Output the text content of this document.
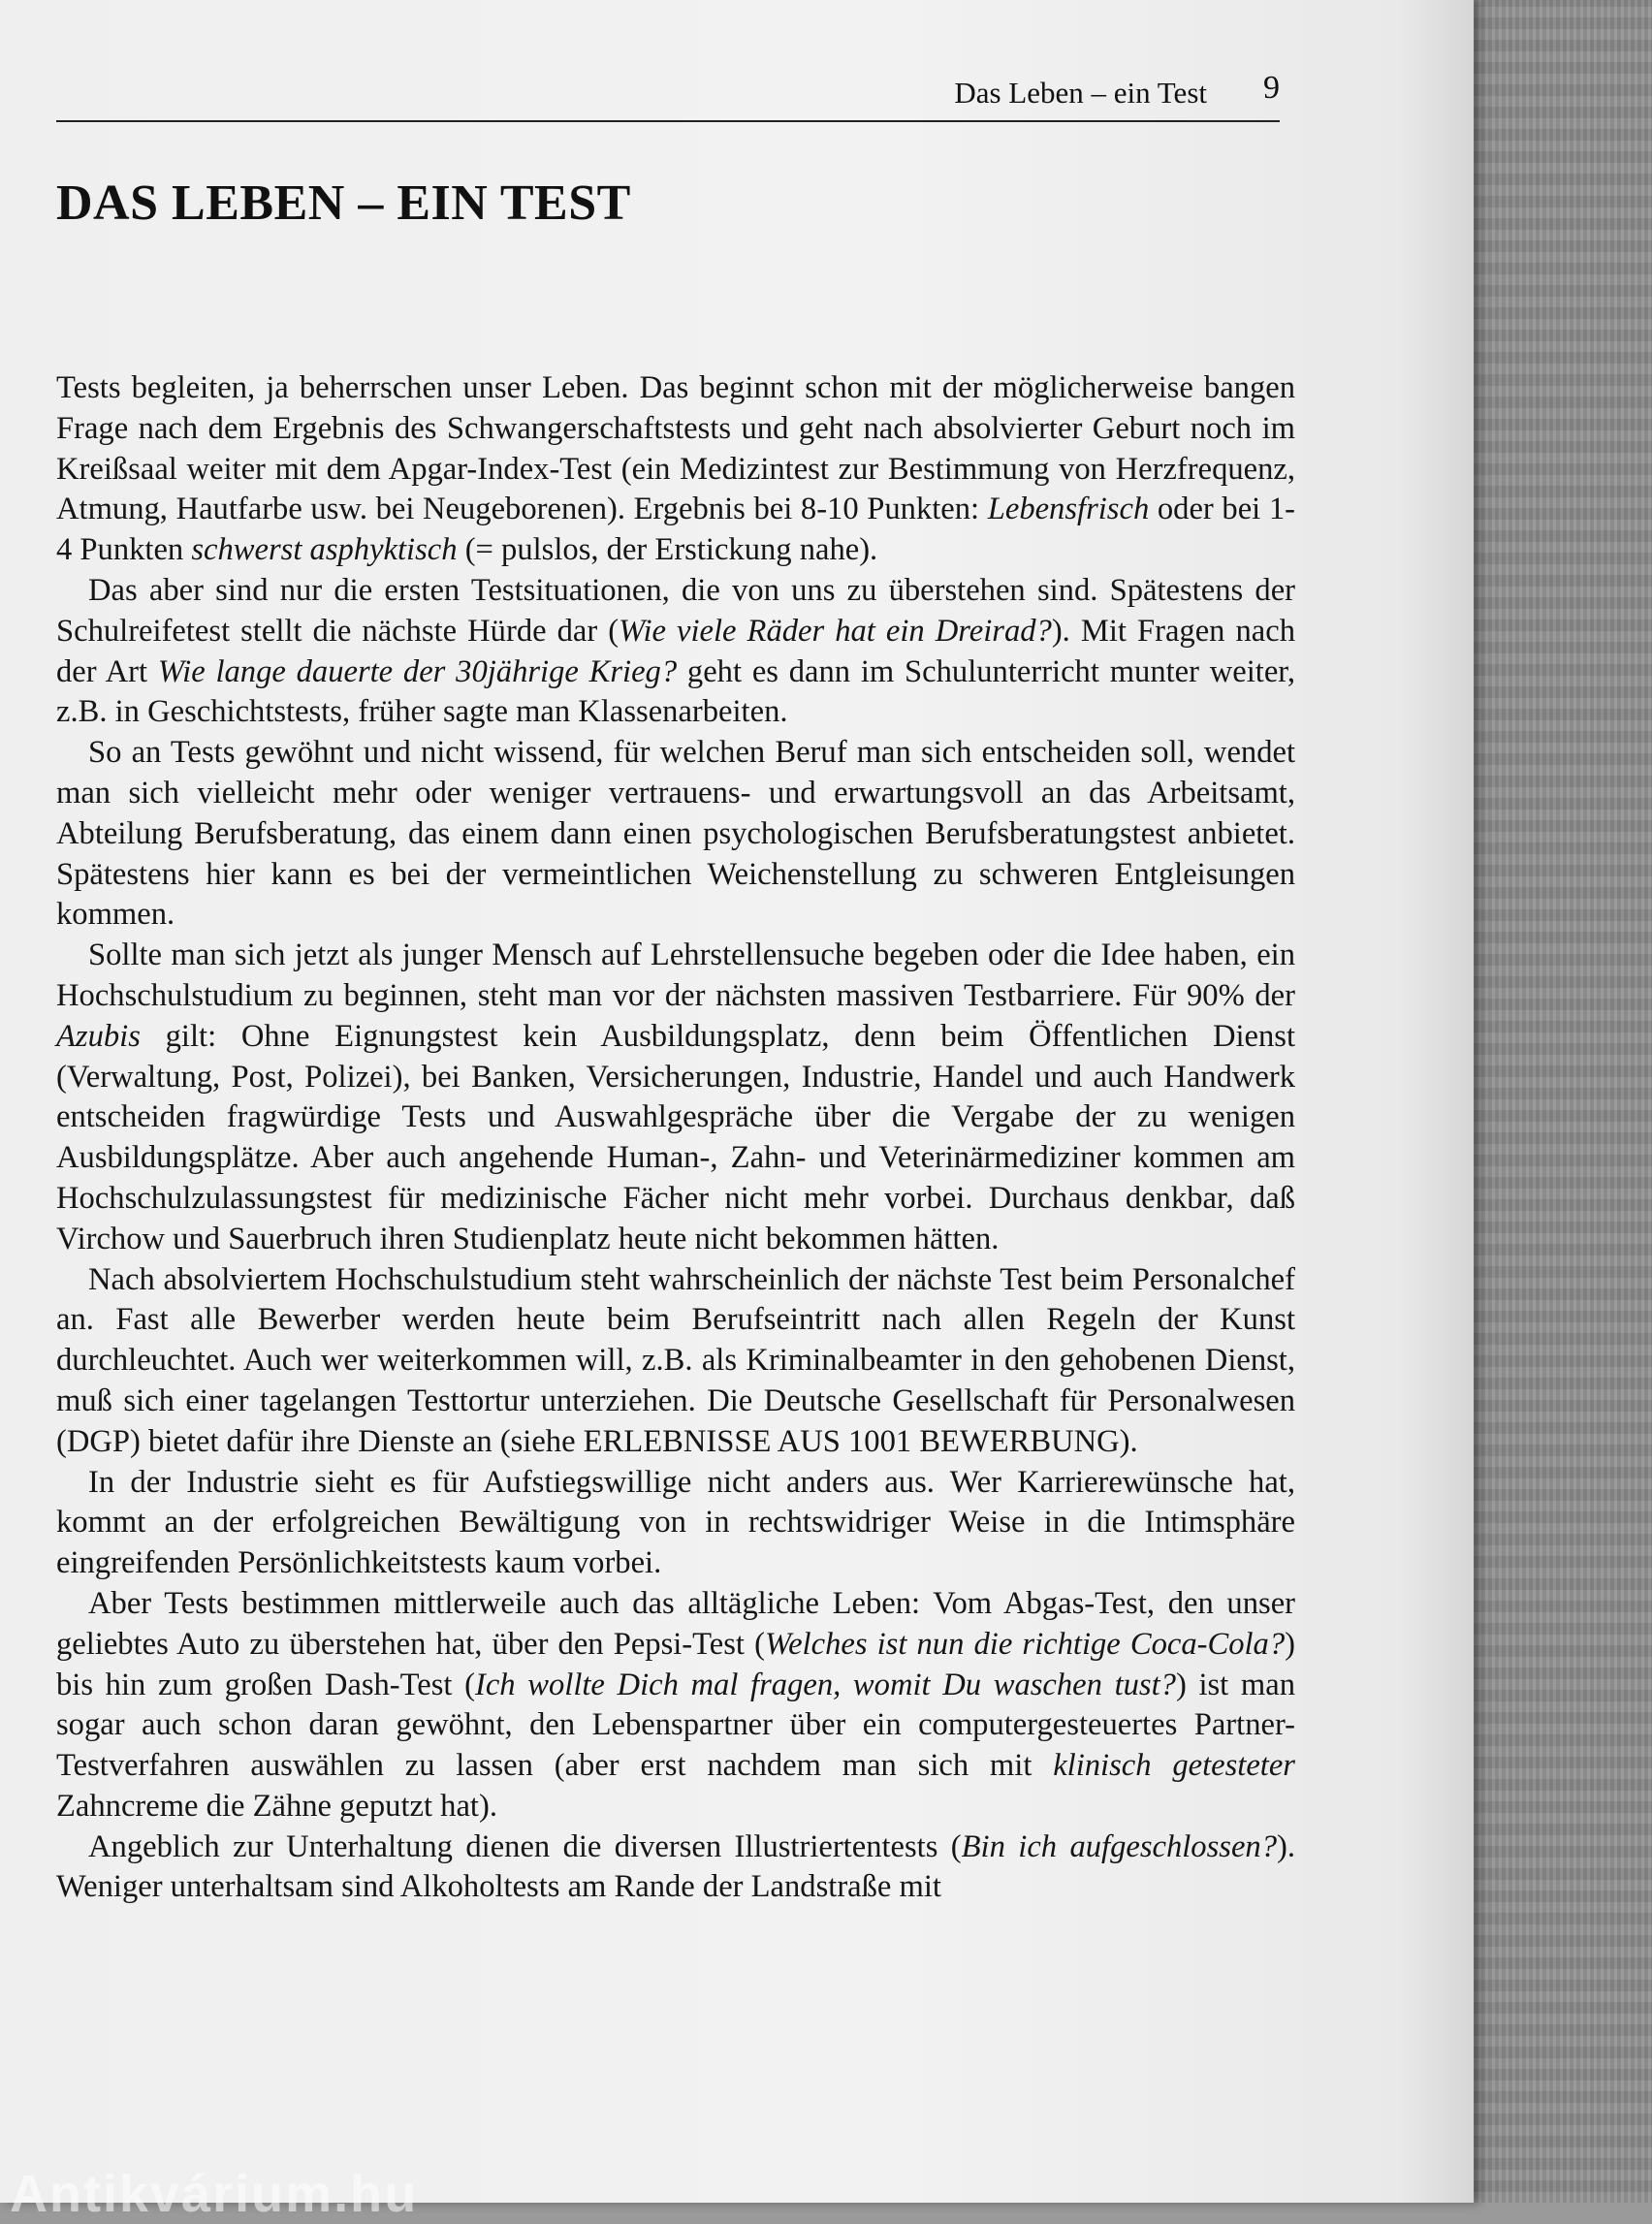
Das Leben – ein Test 9
DAS LEBEN – EIN TEST

Tests begleiten, ja beherrschen unser Leben. Das beginnt schon mit der möglicherweise bangen Frage nach dem Ergebnis des Schwangerschaftstests und geht nach absolvierter Geburt noch im Kreißsaal weiter mit dem Apgar-Index-Test (ein Medizintest zur Bestimmung von Herzfrequenz, Atmung, Hautfarbe usw. bei Neugeborenen). Ergebnis bei 8-10 Punkten: Lebensfrisch oder bei 1-4 Punkten schwerst asphyktisch (= pulslos, der Erstickung nahe).

Das aber sind nur die ersten Testsituationen, die von uns zu überstehen sind. Spätestens der Schulreifetest stellt die nächste Hürde dar (Wie viele Räder hat ein Dreirad?). Mit Fragen nach der Art Wie lange dauerte der 30jährige Krieg? geht es dann im Schulunterricht munter weiter, z.B. in Geschichtstests, früher sagte man Klassenarbeiten.

So an Tests gewöhnt und nicht wissend, für welchen Beruf man sich entscheiden soll, wendet man sich vielleicht mehr oder weniger vertrauens- und erwartungsvoll an das Arbeitsamt, Abteilung Berufsberatung, das einem dann einen psychologischen Berufsberatungstest anbietet. Spätestens hier kann es bei der vermeintlichen Weichenstellung zu schweren Entgleisungen kommen.

Sollte man sich jetzt als junger Mensch auf Lehrstellensuche begeben oder die Idee haben, ein Hochschulstudium zu beginnen, steht man vor der nächsten massiven Testbarriere. Für 90% der Azubis gilt: Ohne Eignungstest kein Ausbildungsplatz, denn beim Öffentlichen Dienst (Verwaltung, Post, Polizei), bei Banken, Versicherungen, Industrie, Handel und auch Handwerk entscheiden fragwürdige Tests und Auswahlgespräche über die Vergabe der zu wenigen Ausbildungsplätze. Aber auch angehende Human-, Zahn- und Veterinärmediziner kommen am Hochschulzulassungstest für medizinische Fächer nicht mehr vorbei. Durchaus denkbar, daß Virchow und Sauerbruch ihren Studienplatz heute nicht bekommen hätten.

Nach absolviertem Hochschulstudium steht wahrscheinlich der nächste Test beim Personalchef an. Fast alle Bewerber werden heute beim Berufseintritt nach allen Regeln der Kunst durchleuchtet. Auch wer weiterkommen will, z.B. als Kriminalbeamter in den gehobenen Dienst, muß sich einer tagelangen Testtortur unterziehen. Die Deutsche Gesellschaft für Personalwesen (DGP) bietet dafür ihre Dienste an (siehe ERLEBNISSE AUS 1001 BEWERBUNG).

In der Industrie sieht es für Aufstiegswillige nicht anders aus. Wer Karrierewünsche hat, kommt an der erfolgreichen Bewältigung von in rechtswidriger Weise in die Intimsphäre eingreifenden Persönlichkeitstests kaum vorbei.

Aber Tests bestimmen mittlerweile auch das alltägliche Leben: Vom Abgas-Test, den unser geliebtes Auto zu überstehen hat, über den Pepsi-Test (Welches ist nun die richtige Coca-Cola?) bis hin zum großen Dash-Test (Ich wollte Dich mal fragen, womit Du waschen tust?) ist man sogar auch schon daran gewöhnt, den Lebenspartner über ein computergesteuertes Partner-Testverfahren auswählen zu lassen (aber erst nachdem man sich mit klinisch getesteter Zahncreme die Zähne geputzt hat).

Angeblich zur Unterhaltung dienen die diversen Illustriertentests (Bin ich aufgeschlossen?). Weniger unterhaltsam sind Alkoholtests am Rande der Landstraße mit

Antikvárium.hu
